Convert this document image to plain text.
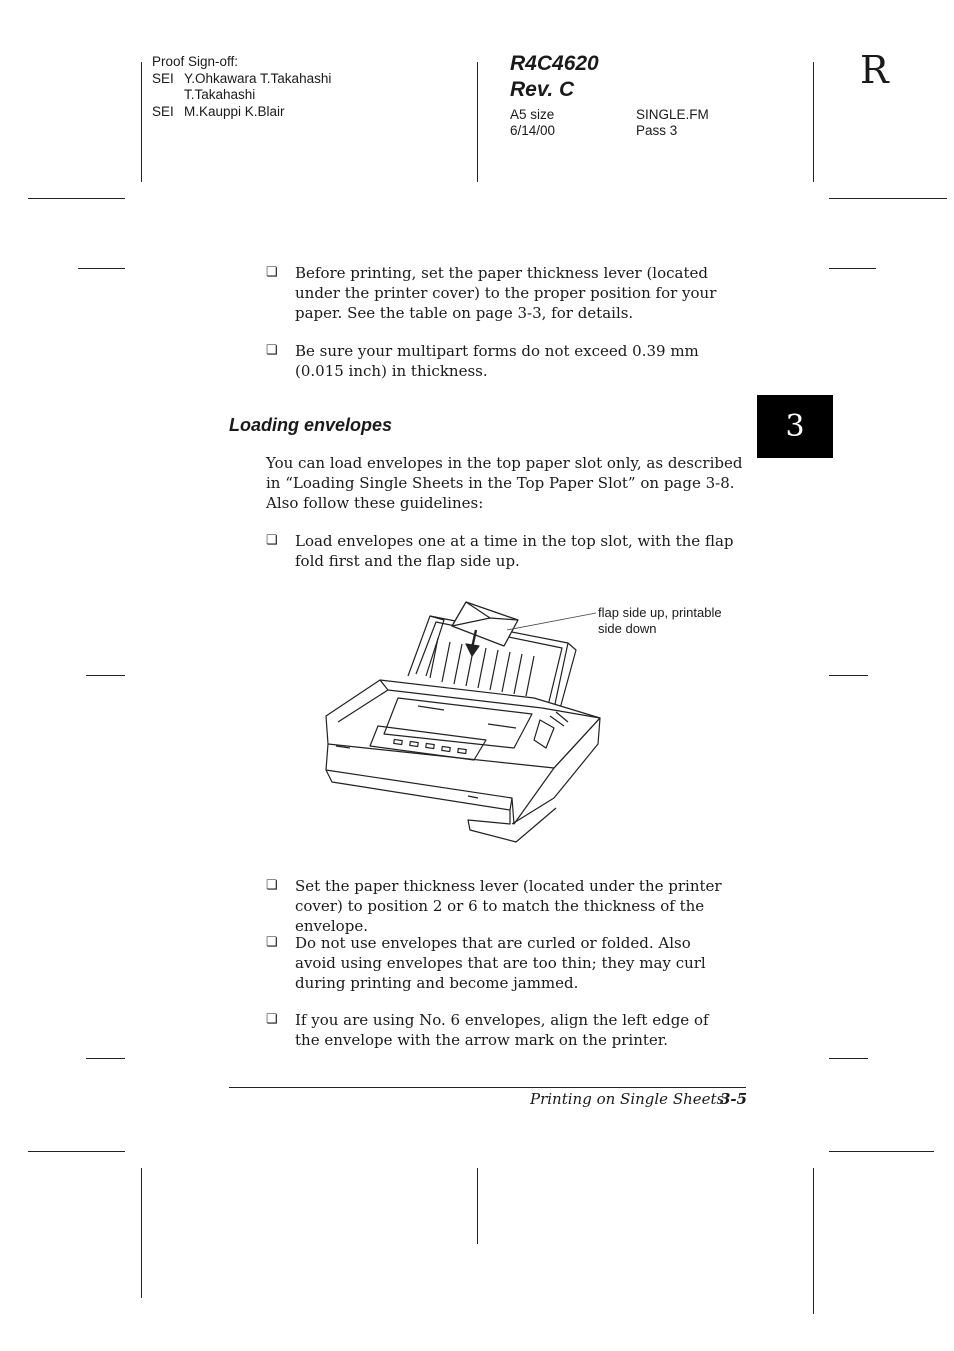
Proof Sign-off:
SEI Y.Ohkawara T.Takahashi
T.Takahashi
SEI M.Kauppi K.Blair
R4C4620
Rev. C
A5 size
6/14/00
SINGLE.FM
Pass 3
R
3
❏ Before printing, set the paper thickness lever (located under the printer cover) to the proper position for your paper. See the table on page 3-3, for details.
❏ Be sure your multipart forms do not exceed 0.39 mm (0.015 inch) in thickness.
Loading envelopes
You can load envelopes in the top paper slot only, as described in “Loading Single Sheets in the Top Paper Slot” on page 3-8. Also follow these guidelines:
❏ Load envelopes one at a time in the top slot, with the flap fold first and the flap side up.
flap side up, printable
side down
❏ Set the paper thickness lever (located under the printer cover) to position 2 or 6 to match the thickness of the envelope.
❏ Do not use envelopes that are curled or folded. Also avoid using envelopes that are too thin; they may curl during printing and become jammed.
❏ If you are using No. 6 envelopes, align the left edge of the envelope with the arrow mark on the printer.
Printing on Single Sheets
3-5
